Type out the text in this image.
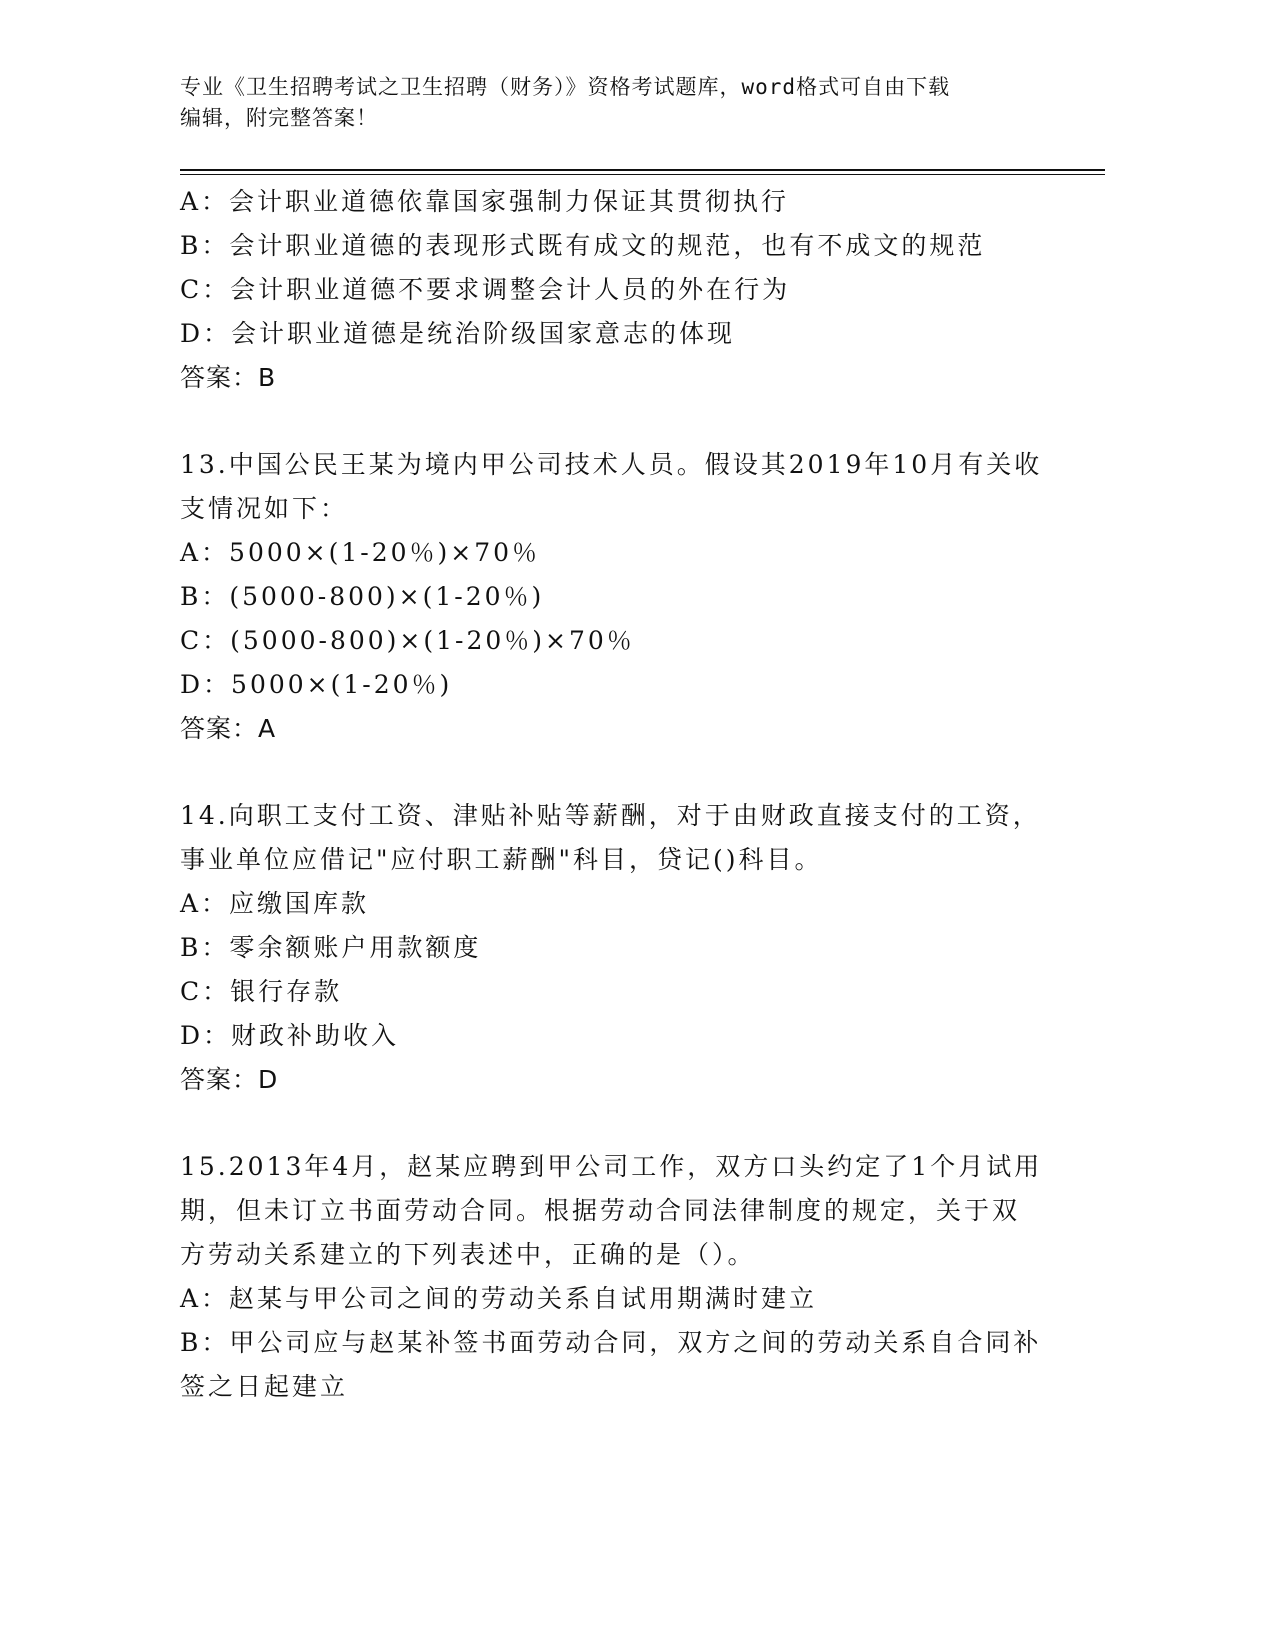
专业《卫生招聘考试之卫生招聘（财务）》资格考试题库，word格式可自由下载
编辑，附完整答案！
A：会计职业道德依靠国家强制力保证其贯彻执行
B：会计职业道德的表现形式既有成文的规范，也有不成文的规范
C：会计职业道德不要求调整会计人员的外在行为
D：会计职业道德是统治阶级国家意志的体现
答案：B
13.中国公民王某为境内甲公司技术人员。假设其2019年10月有关收
支情况如下：
A：5000×(1-20％)×70％
B：(5000-800)×(1-20％)
C：(5000-800)×(1-20％)×70％
D：5000×(1-20％)
答案：A
14.向职工支付工资、津贴补贴等薪酬，对于由财政直接支付的工资，
事业单位应借记"应付职工薪酬"科目，贷记()科目。
A：应缴国库款
B：零余额账户用款额度
C：银行存款
D：财政补助收入
答案：D
15.2013年4月，赵某应聘到甲公司工作，双方口头约定了1个月试用
期，但未订立书面劳动合同。根据劳动合同法律制度的规定，关于双
方劳动关系建立的下列表述中，正确的是（）。
A：赵某与甲公司之间的劳动关系自试用期满时建立
B：甲公司应与赵某补签书面劳动合同，双方之间的劳动关系自合同补
签之日起建立
